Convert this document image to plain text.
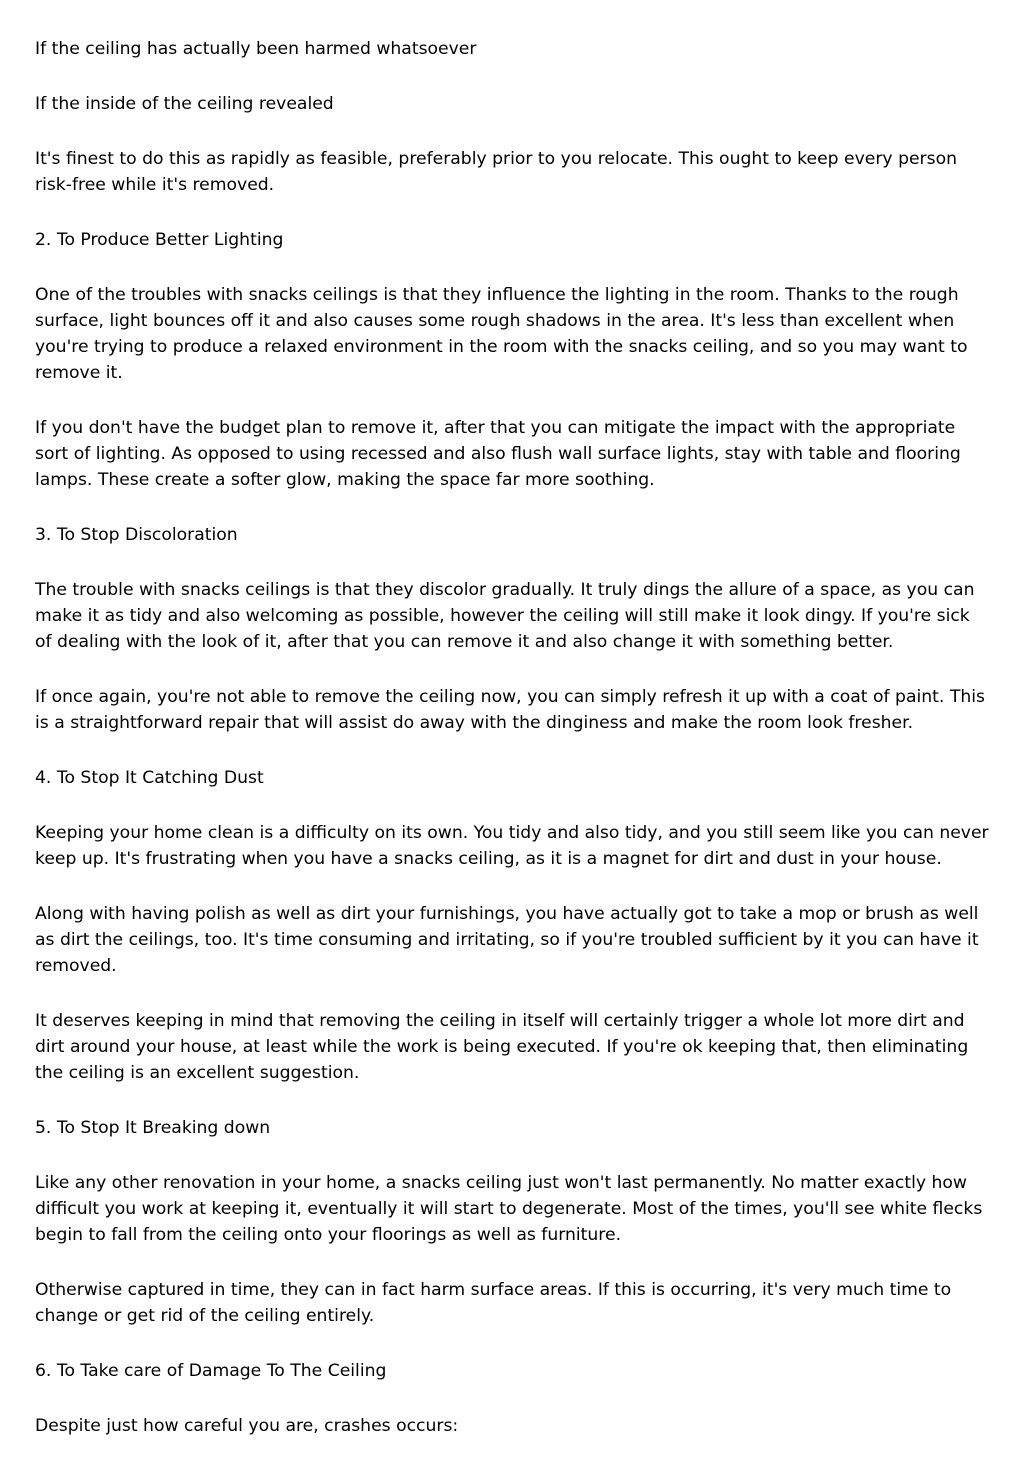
If the ceiling has actually been harmed whatsoever

If the inside of the ceiling revealed

It's finest to do this as rapidly as feasible, preferably prior to you relocate. This ought to keep every person risk-free while it's removed.

2. To Produce Better Lighting

One of the troubles with snacks ceilings is that they influence the lighting in the room. Thanks to the rough surface, light bounces off it and also causes some rough shadows in the area. It's less than excellent when you're trying to produce a relaxed environment in the room with the snacks ceiling, and so you may want to remove it.

If you don't have the budget plan to remove it, after that you can mitigate the impact with the appropriate sort of lighting. As opposed to using recessed and also flush wall surface lights, stay with table and flooring lamps. These create a softer glow, making the space far more soothing.

3. To Stop Discoloration

The trouble with snacks ceilings is that they discolor gradually. It truly dings the allure of a space, as you can make it as tidy and also welcoming as possible, however the ceiling will still make it look dingy. If you're sick of dealing with the look of it, after that you can remove it and also change it with something better.

If once again, you're not able to remove the ceiling now, you can simply refresh it up with a coat of paint. This is a straightforward repair that will assist do away with the dinginess and make the room look fresher.

4. To Stop It Catching Dust

Keeping your home clean is a difficulty on its own. You tidy and also tidy, and you still seem like you can never keep up. It's frustrating when you have a snacks ceiling, as it is a magnet for dirt and dust in your house.

Along with having polish as well as dirt your furnishings, you have actually got to take a mop or brush as well as dirt the ceilings, too. It's time consuming and irritating, so if you're troubled sufficient by it you can have it removed.

It deserves keeping in mind that removing the ceiling in itself will certainly trigger a whole lot more dirt and dirt around your house, at least while the work is being executed. If you're ok keeping that, then eliminating the ceiling is an excellent suggestion.

5. To Stop It Breaking down

Like any other renovation in your home, a snacks ceiling just won't last permanently. No matter exactly how difficult you work at keeping it, eventually it will start to degenerate. Most of the times, you'll see white flecks begin to fall from the ceiling onto your floorings as well as furniture.

Otherwise captured in time, they can in fact harm surface areas. If this is occurring, it's very much time to change or get rid of the ceiling entirely.

6. To Take care of Damage To The Ceiling

Despite just how careful you are, crashes occurs:
